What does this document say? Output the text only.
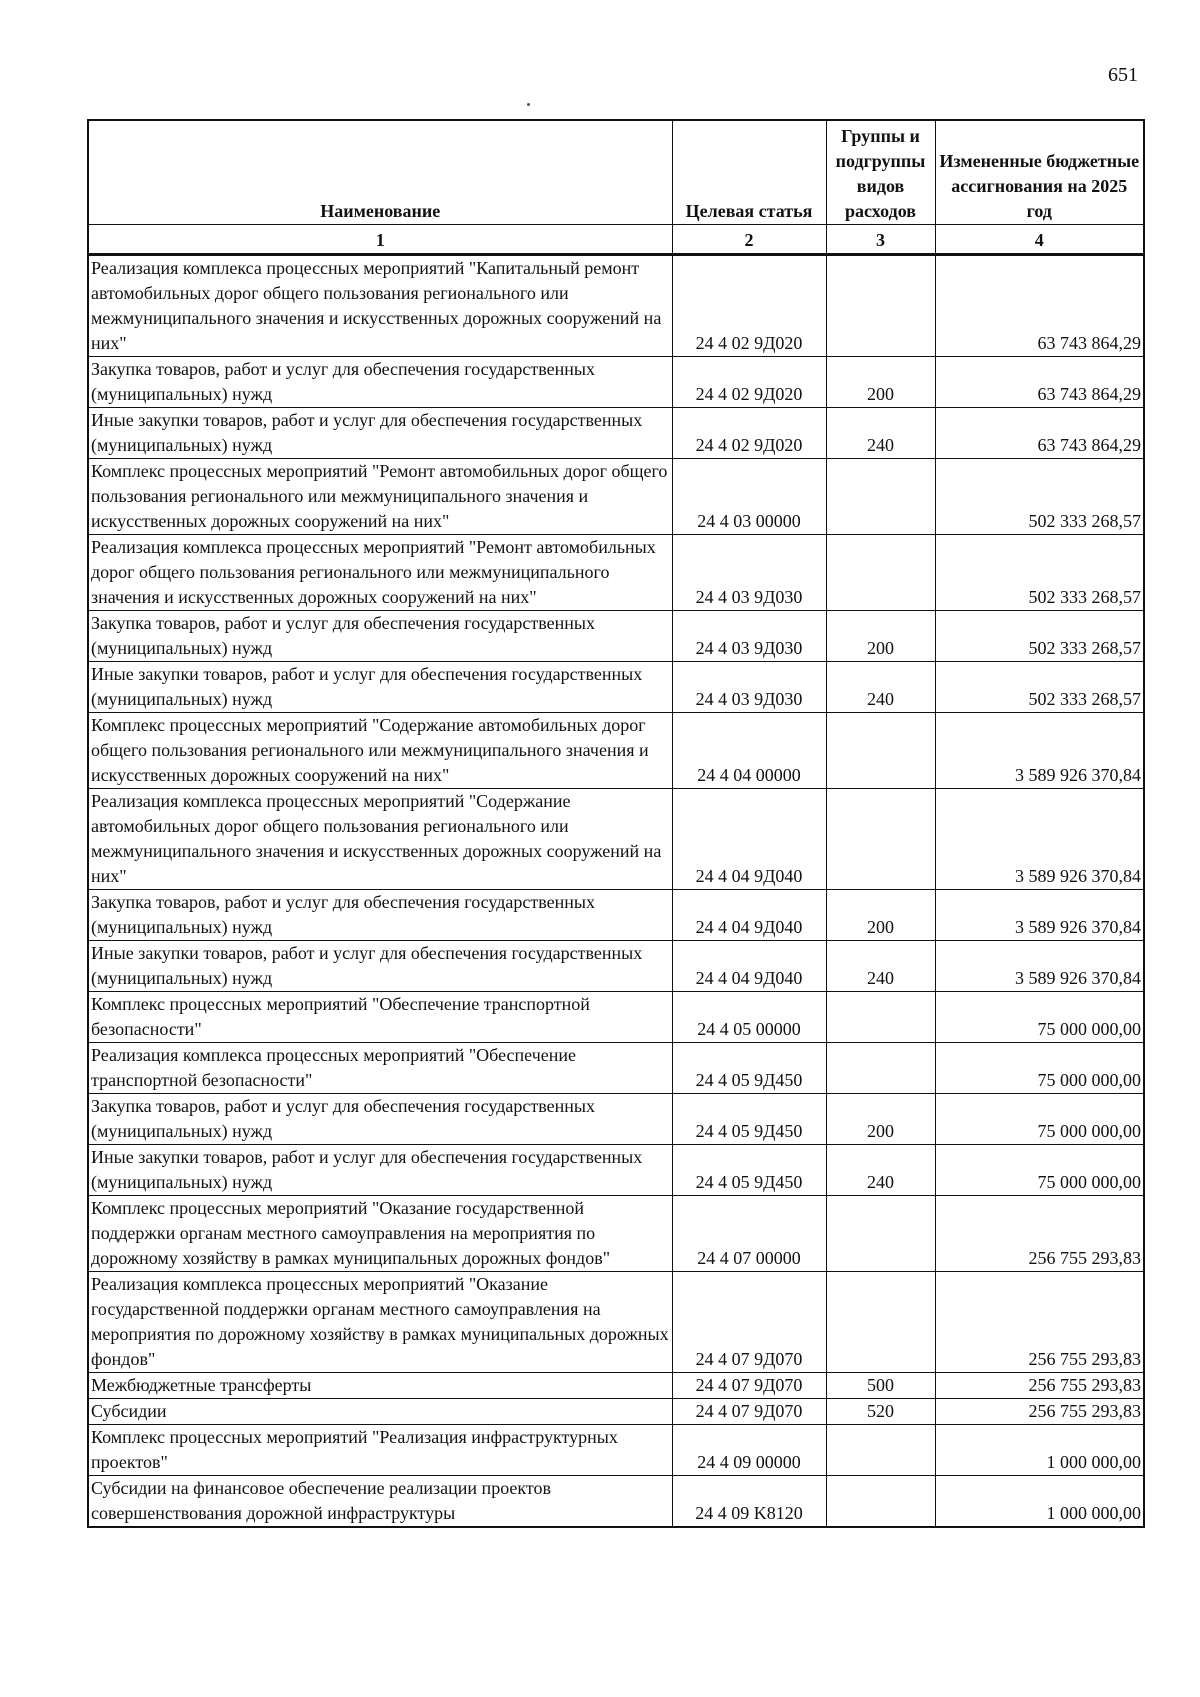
651
Наименование	Целевая статья	Группы и подгруппы видов расходов	Измененные бюджетные ассигнования на 2025 год
1	2	3	4
Реализация комплекса процессных мероприятий "Капитальный ремонт автомобильных дорог общего пользования регионального или межмуниципального значения и искусственных дорожных сооружений на них"	24 4 02 9Д020		63 743 864,29
Закупка товаров, работ и услуг для обеспечения государственных (муниципальных) нужд	24 4 02 9Д020	200	63 743 864,29
Иные закупки товаров, работ и услуг для обеспечения государственных (муниципальных) нужд	24 4 02 9Д020	240	63 743 864,29
Комплекс процессных мероприятий "Ремонт автомобильных дорог общего пользования регионального или межмуниципального значения и искусственных дорожных сооружений на них"	24 4 03 00000		502 333 268,57
Реализация комплекса процессных мероприятий "Ремонт автомобильных дорог общего пользования регионального или межмуниципального значения и искусственных дорожных сооружений на них"	24 4 03 9Д030		502 333 268,57
Закупка товаров, работ и услуг для обеспечения государственных (муниципальных) нужд	24 4 03 9Д030	200	502 333 268,57
Иные закупки товаров, работ и услуг для обеспечения государственных (муниципальных) нужд	24 4 03 9Д030	240	502 333 268,57
Комплекс процессных мероприятий "Содержание автомобильных дорог общего пользования регионального или межмуниципального значения и искусственных дорожных сооружений на них"	24 4 04 00000		3 589 926 370,84
Реализация комплекса процессных мероприятий "Содержание автомобильных дорог общего пользования регионального или межмуниципального значения и искусственных дорожных сооружений на них"	24 4 04 9Д040		3 589 926 370,84
Закупка товаров, работ и услуг для обеспечения государственных (муниципальных) нужд	24 4 04 9Д040	200	3 589 926 370,84
Иные закупки товаров, работ и услуг для обеспечения государственных (муниципальных) нужд	24 4 04 9Д040	240	3 589 926 370,84
Комплекс процессных мероприятий "Обеспечение транспортной безопасности"	24 4 05 00000		75 000 000,00
Реализация комплекса процессных мероприятий "Обеспечение транспортной безопасности"	24 4 05 9Д450		75 000 000,00
Закупка товаров, работ и услуг для обеспечения государственных (муниципальных) нужд	24 4 05 9Д450	200	75 000 000,00
Иные закупки товаров, работ и услуг для обеспечения государственных (муниципальных) нужд	24 4 05 9Д450	240	75 000 000,00
Комплекс процессных мероприятий "Оказание государственной поддержки органам местного самоуправления на мероприятия по дорожному хозяйству в рамках муниципальных дорожных фондов"	24 4 07 00000		256 755 293,83
Реализация комплекса процессных мероприятий "Оказание государственной поддержки органам местного самоуправления на мероприятия по дорожному хозяйству в рамках муниципальных дорожных фондов"	24 4 07 9Д070		256 755 293,83
Межбюджетные трансферты	24 4 07 9Д070	500	256 755 293,83
Субсидии	24 4 07 9Д070	520	256 755 293,83
Комплекс процессных мероприятий "Реализация инфраструктурных проектов"	24 4 09 00000		1 000 000,00
Субсидии на финансовое обеспечение реализации проектов совершенствования дорожной инфраструктуры	24 4 09 K8120		1 000 000,00
